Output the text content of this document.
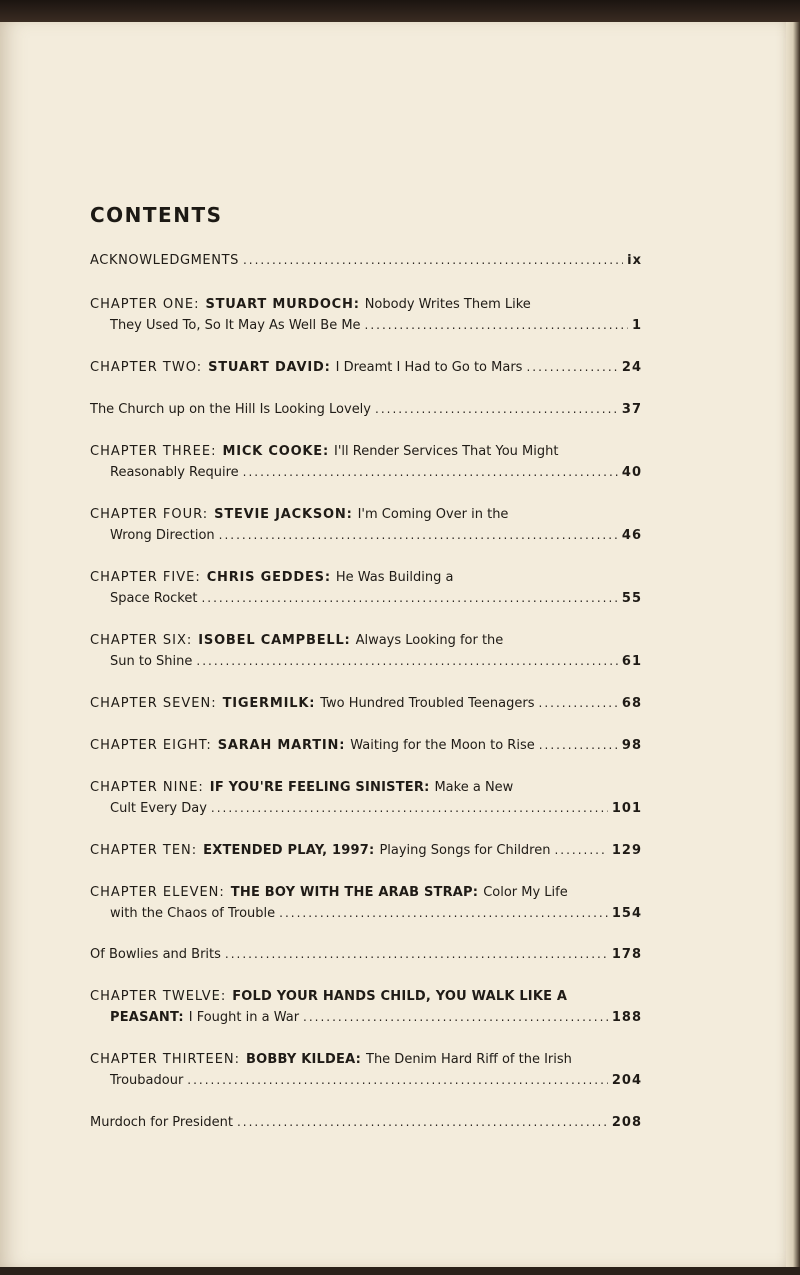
CONTENTS
ACKNOWLEDGMENTS .....	ix
CHAPTER ONE: STUART MURDOCH: Nobody Writes Them Like
They Used To, So It May As Well Be Me .....	1
CHAPTER TWO: STUART DAVID: I Dreamt I Had to Go to Mars .....	24
The Church up on the Hill Is Looking Lovely .....	37
CHAPTER THREE: MICK COOKE: I'll Render Services That You Might
Reasonably Require .....	40
CHAPTER FOUR: STEVIE JACKSON: I'm Coming Over in the
Wrong Direction .....	46
CHAPTER FIVE: CHRIS GEDDES: He Was Building a
Space Rocket .....	55
CHAPTER SIX: ISOBEL CAMPBELL: Always Looking for the
Sun to Shine .....	61
CHAPTER SEVEN: TIGERMILK: Two Hundred Troubled Teenagers .....	68
CHAPTER EIGHT: SARAH MARTIN: Waiting for the Moon to Rise .....	98
CHAPTER NINE: IF YOU'RE FEELING SINISTER: Make a New
Cult Every Day .....	101
CHAPTER TEN: EXTENDED PLAY, 1997: Playing Songs for Children .....	129
CHAPTER ELEVEN: THE BOY WITH THE ARAB STRAP: Color My Life
with the Chaos of Trouble .....	154
Of Bowlies and Brits .....	178
CHAPTER TWELVE: FOLD YOUR HANDS CHILD, YOU WALK LIKE A
PEASANT: I Fought in a War .....	188
CHAPTER THIRTEEN: BOBBY KILDEA: The Denim Hard Riff of the Irish
Troubadour .....	204
Murdoch for President .....	208
